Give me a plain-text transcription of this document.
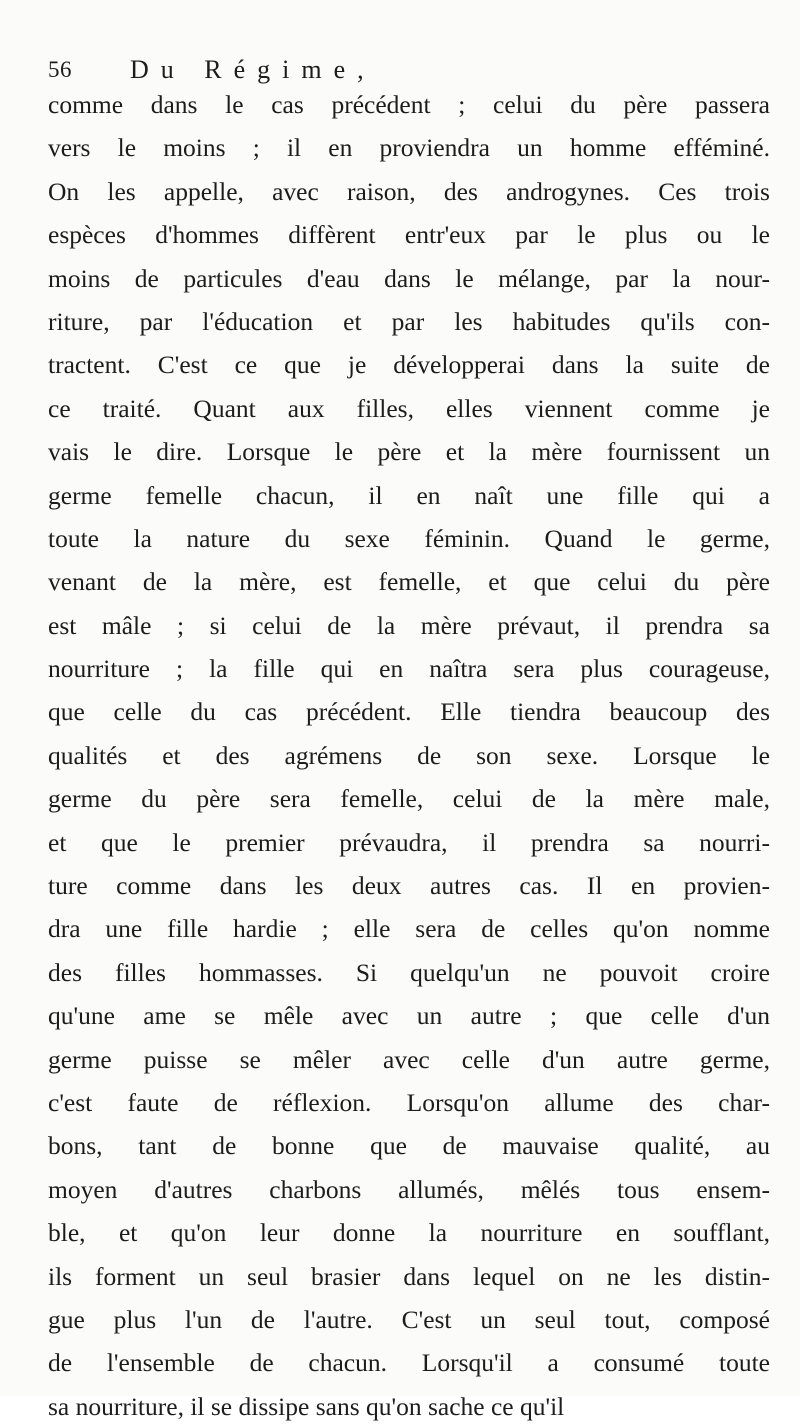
56 Du Régime,
comme dans le cas précédent ; celui du père passera
vers le moins ; il en proviendra un homme efféminé.
On les appelle, avec raison, des androgynes. Ces trois
espèces d'hommes diffèrent entr'eux par le plus ou le
moins de particules d'eau dans le mélange, par la nour-
riture, par l'éducation et par les habitudes qu'ils con-
tractent. C'est ce que je développerai dans la suite de
ce traité. Quant aux filles, elles viennent comme je
vais le dire. Lorsque le père et la mère fournissent un
germe femelle chacun, il en naît une fille qui a
toute la nature du sexe féminin. Quand le germe,
venant de la mère, est femelle, et que celui du père
est mâle ; si celui de la mère prévaut, il prendra sa
nourriture ; la fille qui en naîtra sera plus courageuse,
que celle du cas précédent. Elle tiendra beaucoup des
qualités et des agrémens de son sexe. Lorsque le
germe du père sera femelle, celui de la mère male,
et que le premier prévaudra, il prendra sa nourri-
ture comme dans les deux autres cas. Il en provien-
dra une fille hardie ; elle sera de celles qu'on nomme
des filles hommasses. Si quelqu'un ne pouvoit croire
qu'une ame se mêle avec un autre ; que celle d'un
germe puisse se mêler avec celle d'un autre germe,
c'est faute de réflexion. Lorsqu'on allume des char-
bons, tant de bonne que de mauvaise qualité, au
moyen d'autres charbons allumés, mêlés tous ensem-
ble, et qu'on leur donne la nourriture en soufflant,
ils forment un seul brasier dans lequel on ne les distin-
gue plus l'un de l'autre. C'est un seul tout, composé
de l'ensemble de chacun. Lorsqu'il a consumé toute
sa nourriture, il se dissipe sans qu'on sache ce qu'il
